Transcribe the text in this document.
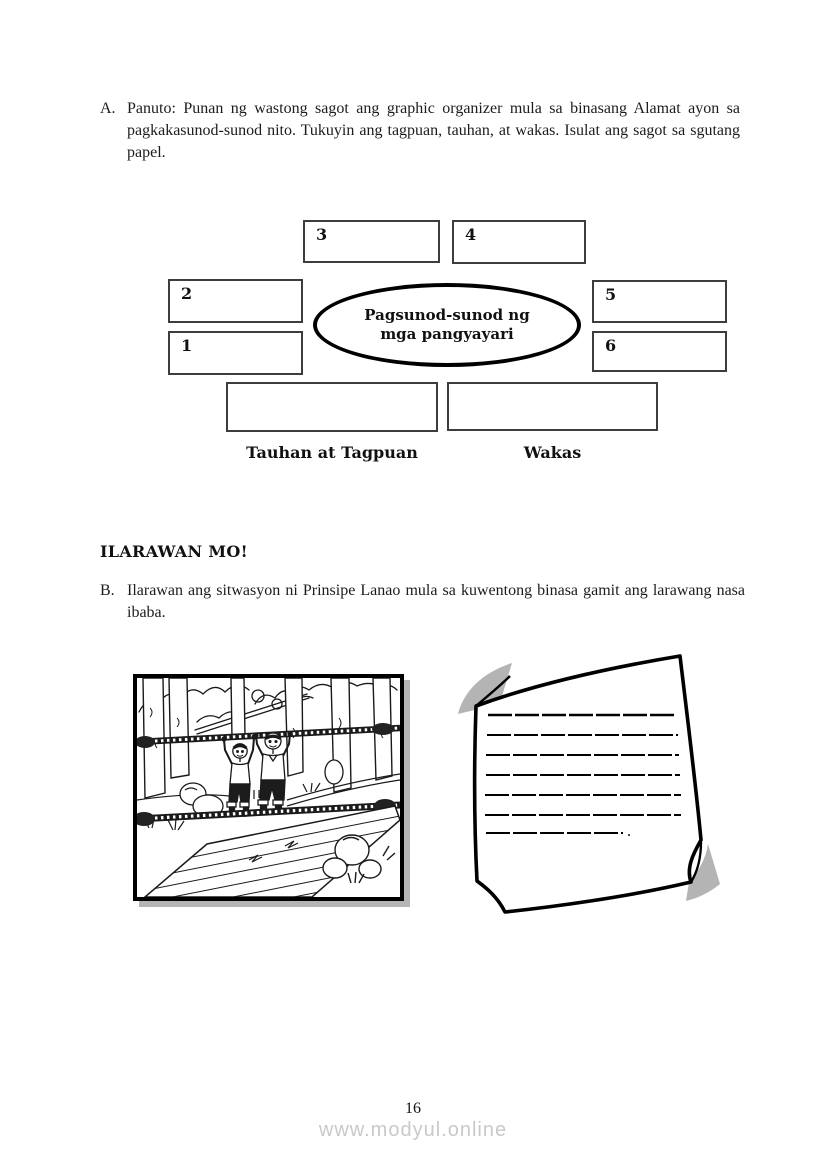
A. Panuto: Punan ng wastong sagot ang graphic organizer mula sa binasang Alamat ayon sa pagkakasunod-sunod nito. Tukuyin ang tagpuan, tauhan, at wakas. Isulat ang sagot sa sgutang papel.
3	4
2
1
5
6
Pagsunod-sunod ng
mga pangyayari
Tauhan at Tagpuan	Wakas
ILARAWAN MO!
B. Ilarawan ang sitwasyon ni Prinsipe Lanao mula sa kuwentong binasa gamit ang larawang nasa ibaba.
.
16
www.modyul.online
